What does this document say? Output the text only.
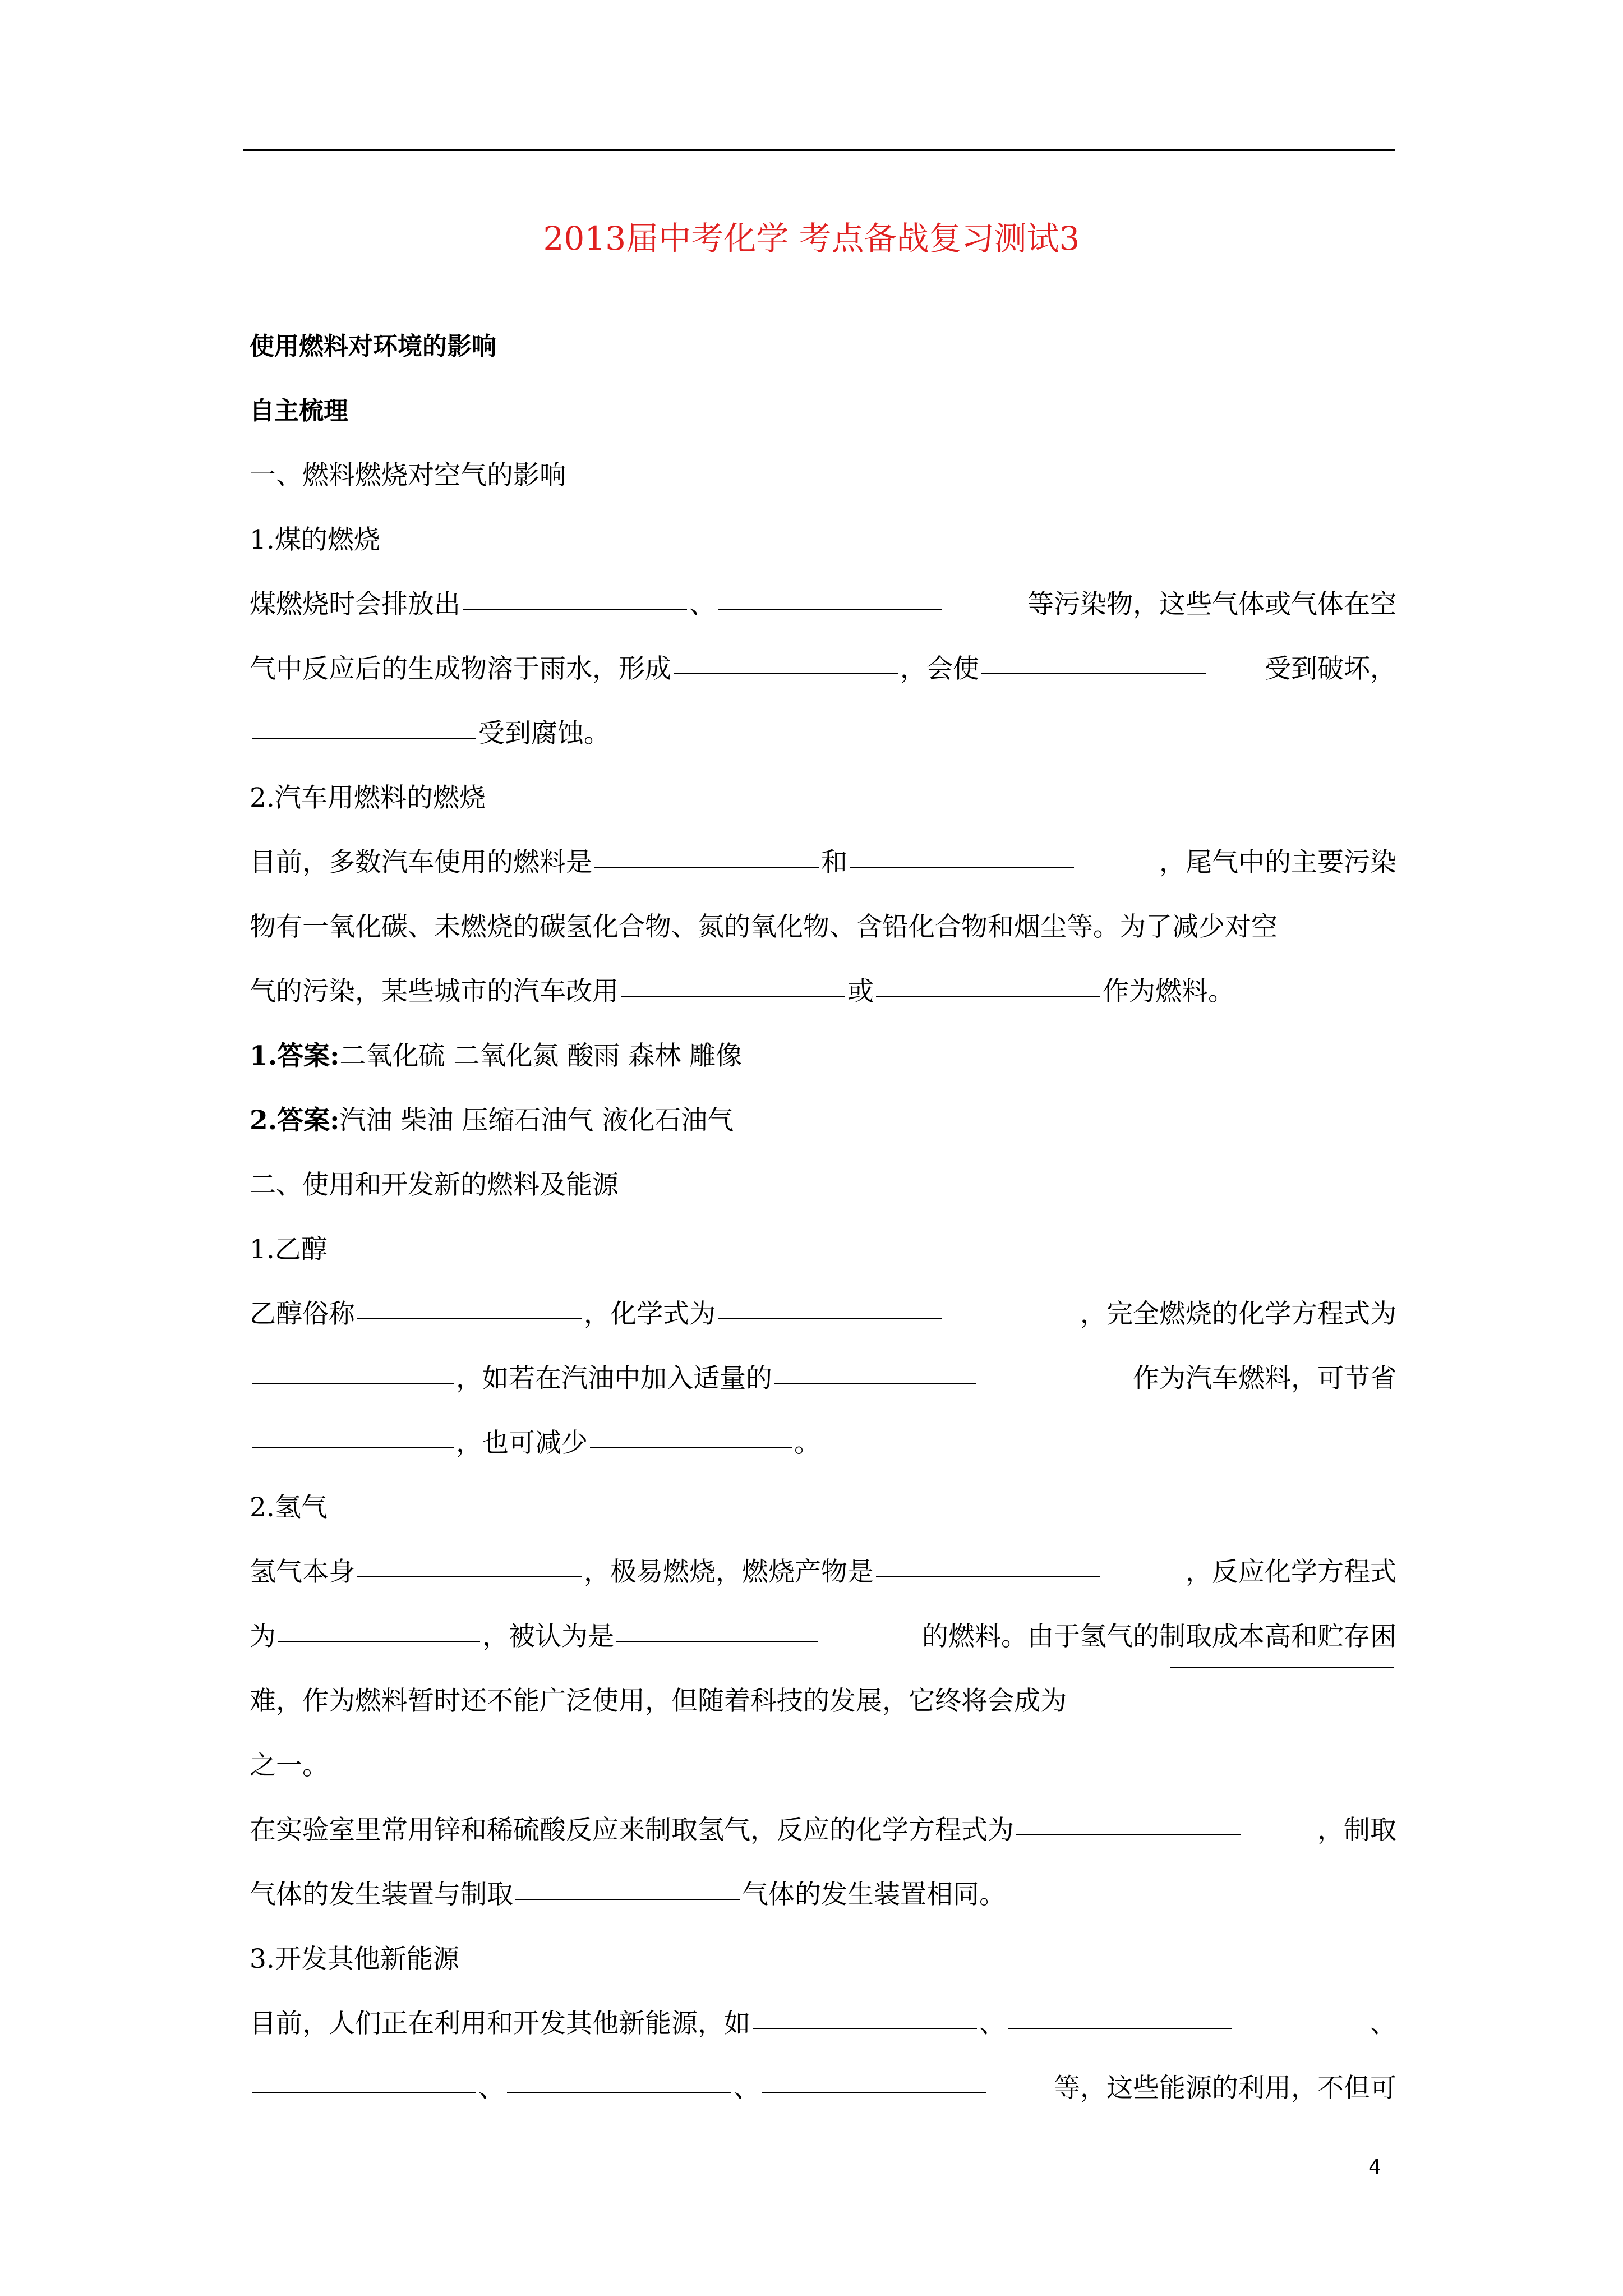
2013届中考化学 考点备战复习测试3
使用燃料对环境的影响
自主梳理
一、燃料燃烧对空气的影响
1.煤的燃烧
煤燃烧时会排放出	、	等污染物，这些气体或气体在空
气中反应后的生成物溶于雨水，形成	，会使	受到破坏，
受到腐蚀。
2.汽车用燃料的燃烧
目前，多数汽车使用的燃料是	和	，尾气中的主要污染
物有一氧化碳、未燃烧的碳氢化合物、氮的氧化物、含铅化合物和烟尘等。为了减少对空
气的污染，某些城市的汽车改用	或	作为燃料。
1.答案:二氧化硫 二氧化氮 酸雨 森林 雕像
2.答案:汽油 柴油 压缩石油气 液化石油气
二、使用和开发新的燃料及能源
1.乙醇
乙醇俗称	，化学式为	，完全燃烧的化学方程式为
，如若在汽油中加入适量的	作为汽车燃料，可节省
，也可减少	。
2.氢气
氢气本身	，极易燃烧，燃烧产物是	，反应化学方程式
为	，被认为是	的燃料。由于氢气的制取成本高和贮存困
难，作为燃料暂时还不能广泛使用，但随着科技的发展，它终将会成为
之一。
在实验室里常用锌和稀硫酸反应来制取氢气，反应的化学方程式为	，制取
气体的发生装置与制取	气体的发生装置相同。
3.开发其他新能源
目前，人们正在利用和开发其他新能源，如	、	、
、	、	等，这些能源的利用，不但可
4
